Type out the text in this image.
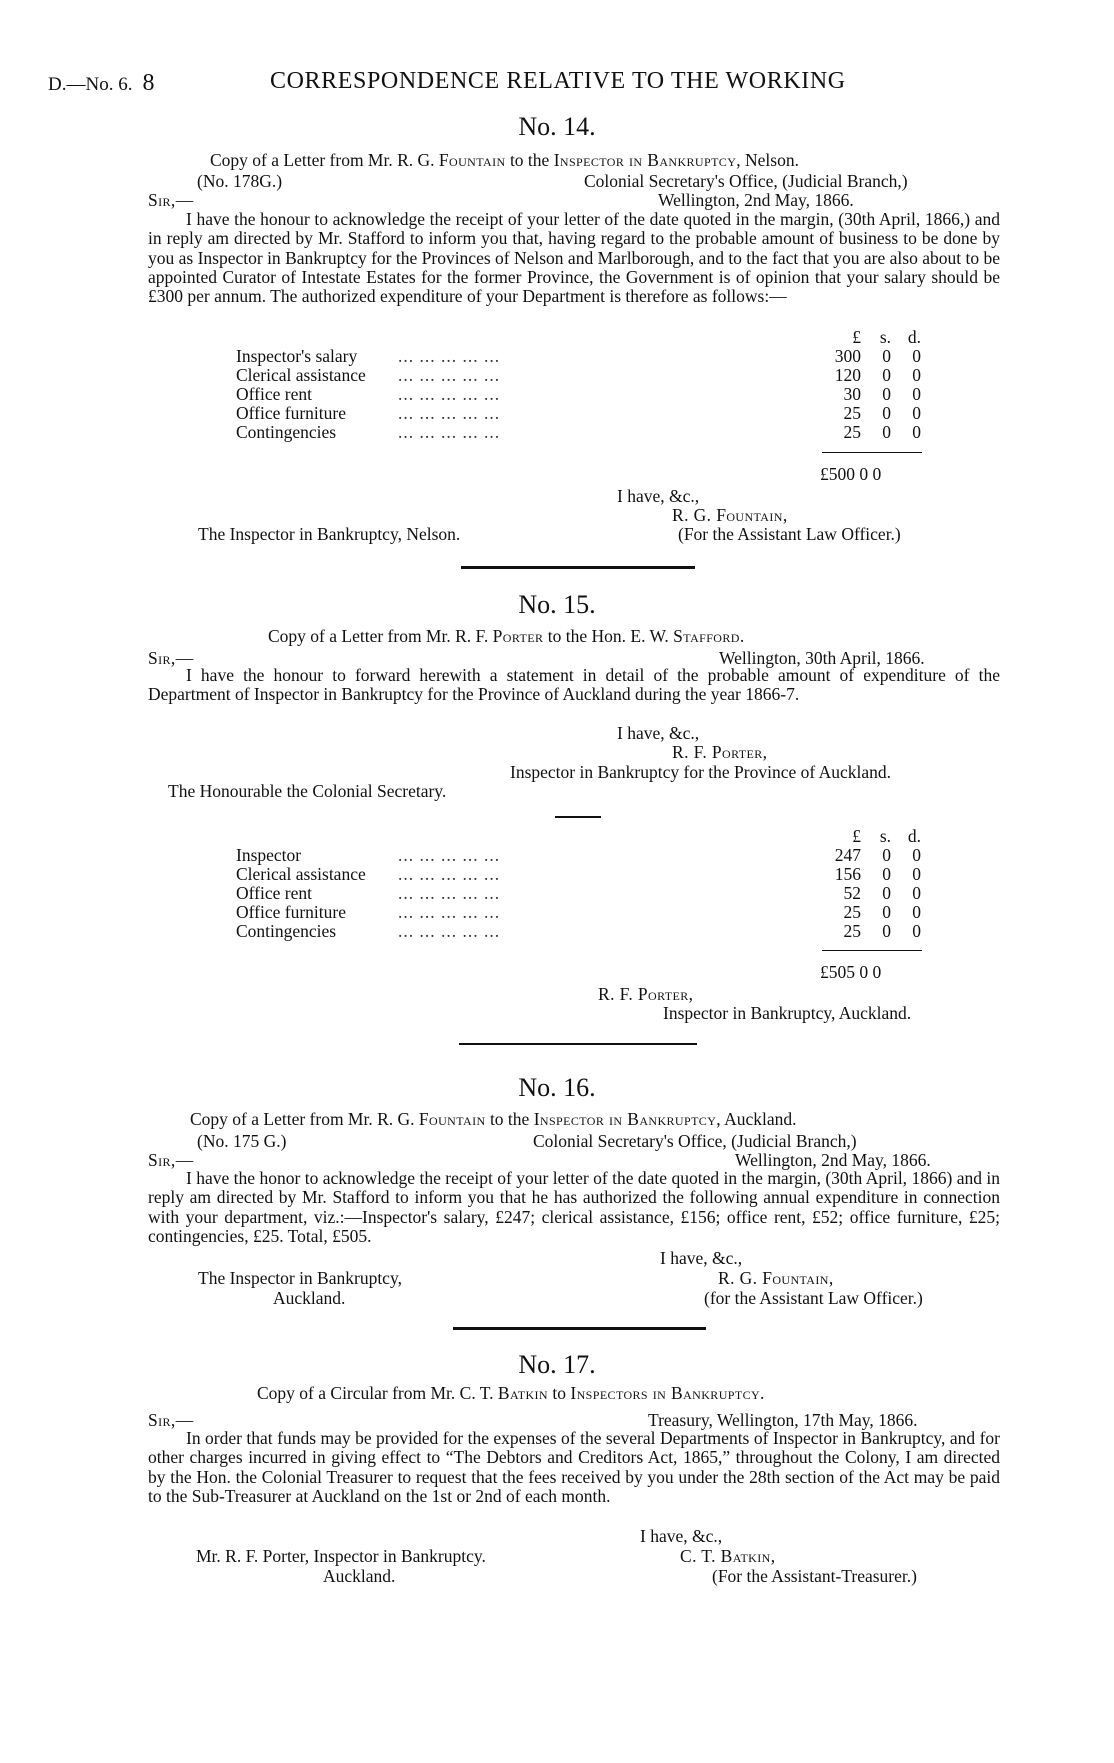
D.—No. 6. 8	CORRESPONDENCE RELATIVE TO THE WORKING
No. 14.
Copy of a Letter from Mr. R. G. Fountain to the Inspector in Bankruptcy, Nelson.
(No. 178G.)	Colonial Secretary's Office, (Judicial Branch,)
Sir,—	Wellington, 2nd May, 1866.

I have the honour to acknowledge the receipt of your letter of the date quoted in the margin, (30th April, 1866,) and in reply am directed by Mr. Stafford to inform you that, having regard to the probable amount of business to be done by you as Inspector in Bankruptcy for the Provinces of Nelson and Marlborough, and to the fact that you are also about to be appointed Curator of Intestate Estates for the former Province, the Government is of opinion that your salary should be £300 per annum. The authorized expenditure of your Department is therefore as follows:—

		£	s.	d.
Inspector's salary	... ... ... ... ...	300	0	0
Clerical assistance	... ... ... ... ...	120	0	0
Office rent	... ... ... ... ...	30	0	0
Office furniture	... ... ... ... ...	25	0	0
Contingencies	... ... ... ... ...	25	0	0
£500 0 0
I have, &c.,
R. G. Fountain,
The Inspector in Bankruptcy, Nelson.	(For the Assistant Law Officer.)
No. 15.
Copy of a Letter from Mr. R. F. Porter to the Hon. E. W. Stafford.
Sir,—	Wellington, 30th April, 1866.

I have the honour to forward herewith a statement in detail of the probable amount of expenditure of the Department of Inspector in Bankruptcy for the Province of Auckland during the year 1866-7.

I have, &c.,
R. F. Porter,
Inspector in Bankruptcy for the Province of Auckland.
The Honourable the Colonial Secretary.
		£	s.	d.
Inspector	... ... ... ... ...	247	0	0
Clerical assistance	... ... ... ... ...	156	0	0
Office rent	... ... ... ... ...	52	0	0
Office furniture	... ... ... ... ...	25	0	0
Contingencies	... ... ... ... ...	25	0	0
£505 0 0
R. F. Porter,
Inspector in Bankruptcy, Auckland.
No. 16.
Copy of a Letter from Mr. R. G. Fountain to the Inspector in Bankruptcy, Auckland.
(No. 175 G.)	Colonial Secretary's Office, (Judicial Branch,)
Sir,—	Wellington, 2nd May, 1866.

I have the honor to acknowledge the receipt of your letter of the date quoted in the margin, (30th April, 1866) and in reply am directed by Mr. Stafford to inform you that he has authorized the following annual expenditure in connection with your department, viz.:—Inspector's salary, £247; clerical assistance, £156; office rent, £52; office furniture, £25; contingencies, £25. Total, £505.

I have, &c.,
The Inspector in Bankruptcy,	R. G. Fountain,
Auckland.	(for the Assistant Law Officer.)
No. 17.
Copy of a Circular from Mr. C. T. Batkin to Inspectors in Bankruptcy.
Sir,—	Treasury, Wellington, 17th May, 1866.

In order that funds may be provided for the expenses of the several Departments of Inspector in Bankruptcy, and for other charges incurred in giving effect to “The Debtors and Creditors Act, 1865,” throughout the Colony, I am directed by the Hon. the Colonial Treasurer to request that the fees received by you under the 28th section of the Act may be paid to the Sub-Treasurer at Auckland on the 1st or 2nd of each month.

I have, &c.,
Mr. R. F. Porter, Inspector in Bankruptcy.	C. T. Batkin,
Auckland.	(For the Assistant-Treasurer.)
